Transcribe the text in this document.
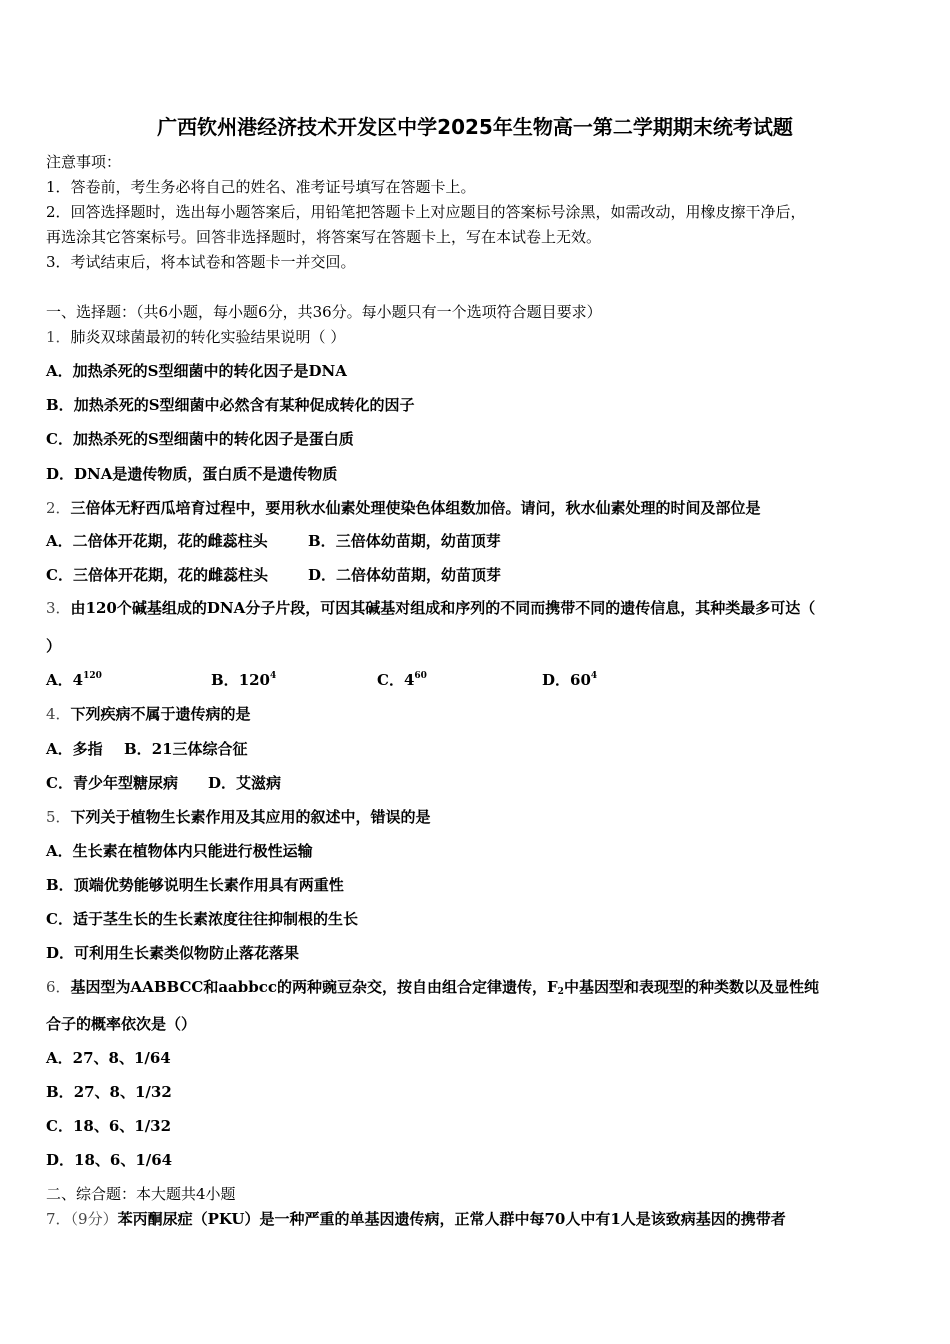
广西钦州港经济技术开发区中学2025年生物高一第二学期期末统考试题
注意事项：
1．答卷前，考生务必将自己的姓名、准考证号填写在答题卡上。
2．回答选择题时，选出每小题答案后，用铅笔把答题卡上对应题目的答案标号涂黑，如需改动，用橡皮擦干净后，
再选涂其它答案标号。回答非选择题时，将答案写在答题卡上，写在本试卷上无效。
3．考试结束后，将本试卷和答题卡一并交回。
一、选择题：（共6小题，每小题6分，共36分。每小题只有一个选项符合题目要求）
1．肺炎双球菌最初的转化实验结果说明（ ）
A．加热杀死的S型细菌中的转化因子是DNA
B．加热杀死的S型细菌中必然含有某种促成转化的因子
C．加热杀死的S型细菌中的转化因子是蛋白质
D．DNA是遗传物质，蛋白质不是遗传物质
2．三倍体无籽西瓜培育过程中，要用秋水仙素处理使染色体组数加倍。请问，秋水仙素处理的时间及部位是
A．二倍体开花期，花的雌蕊柱头	B．三倍体幼苗期，幼苗顶芽
C．三倍体开花期，花的雌蕊柱头	D．二倍体幼苗期，幼苗顶芽
3．由120个碱基组成的DNA分子片段，可因其碱基对组成和序列的不同而携带不同的遗传信息，其种类最多可达（
）
A．$4^{120}$	B．$120^4$	C．$4^{60}$	D．$60^4$
4．下列疾病不属于遗传病的是
A．多指 B．21三体综合征
C．青少年型糖尿病 D．艾滋病
5．下列关于植物生长素作用及其应用的叙述中，错误的是
A．生长素在植物体内只能进行极性运输
B．顶端优势能够说明生长素作用具有两重性
C．适于茎生长的生长素浓度往往抑制根的生长
D．可利用生长素类似物防止落花落果
6．基因型为AABBCC和aabbcc的两种豌豆杂交，按自由组合定律遗传，$F_2$中基因型和表现型的种类数以及显性纯
合子的概率依次是（）
A．27、8、1/64
B．27、8、1/32
C．18、6、1/32
D．18、6、1/64
二、综合题：本大题共4小题
7．（9分）苯丙酮尿症（PKU）是一种严重的单基因遗传病，正常人群中每70人中有1人是该致病基因的携带者
